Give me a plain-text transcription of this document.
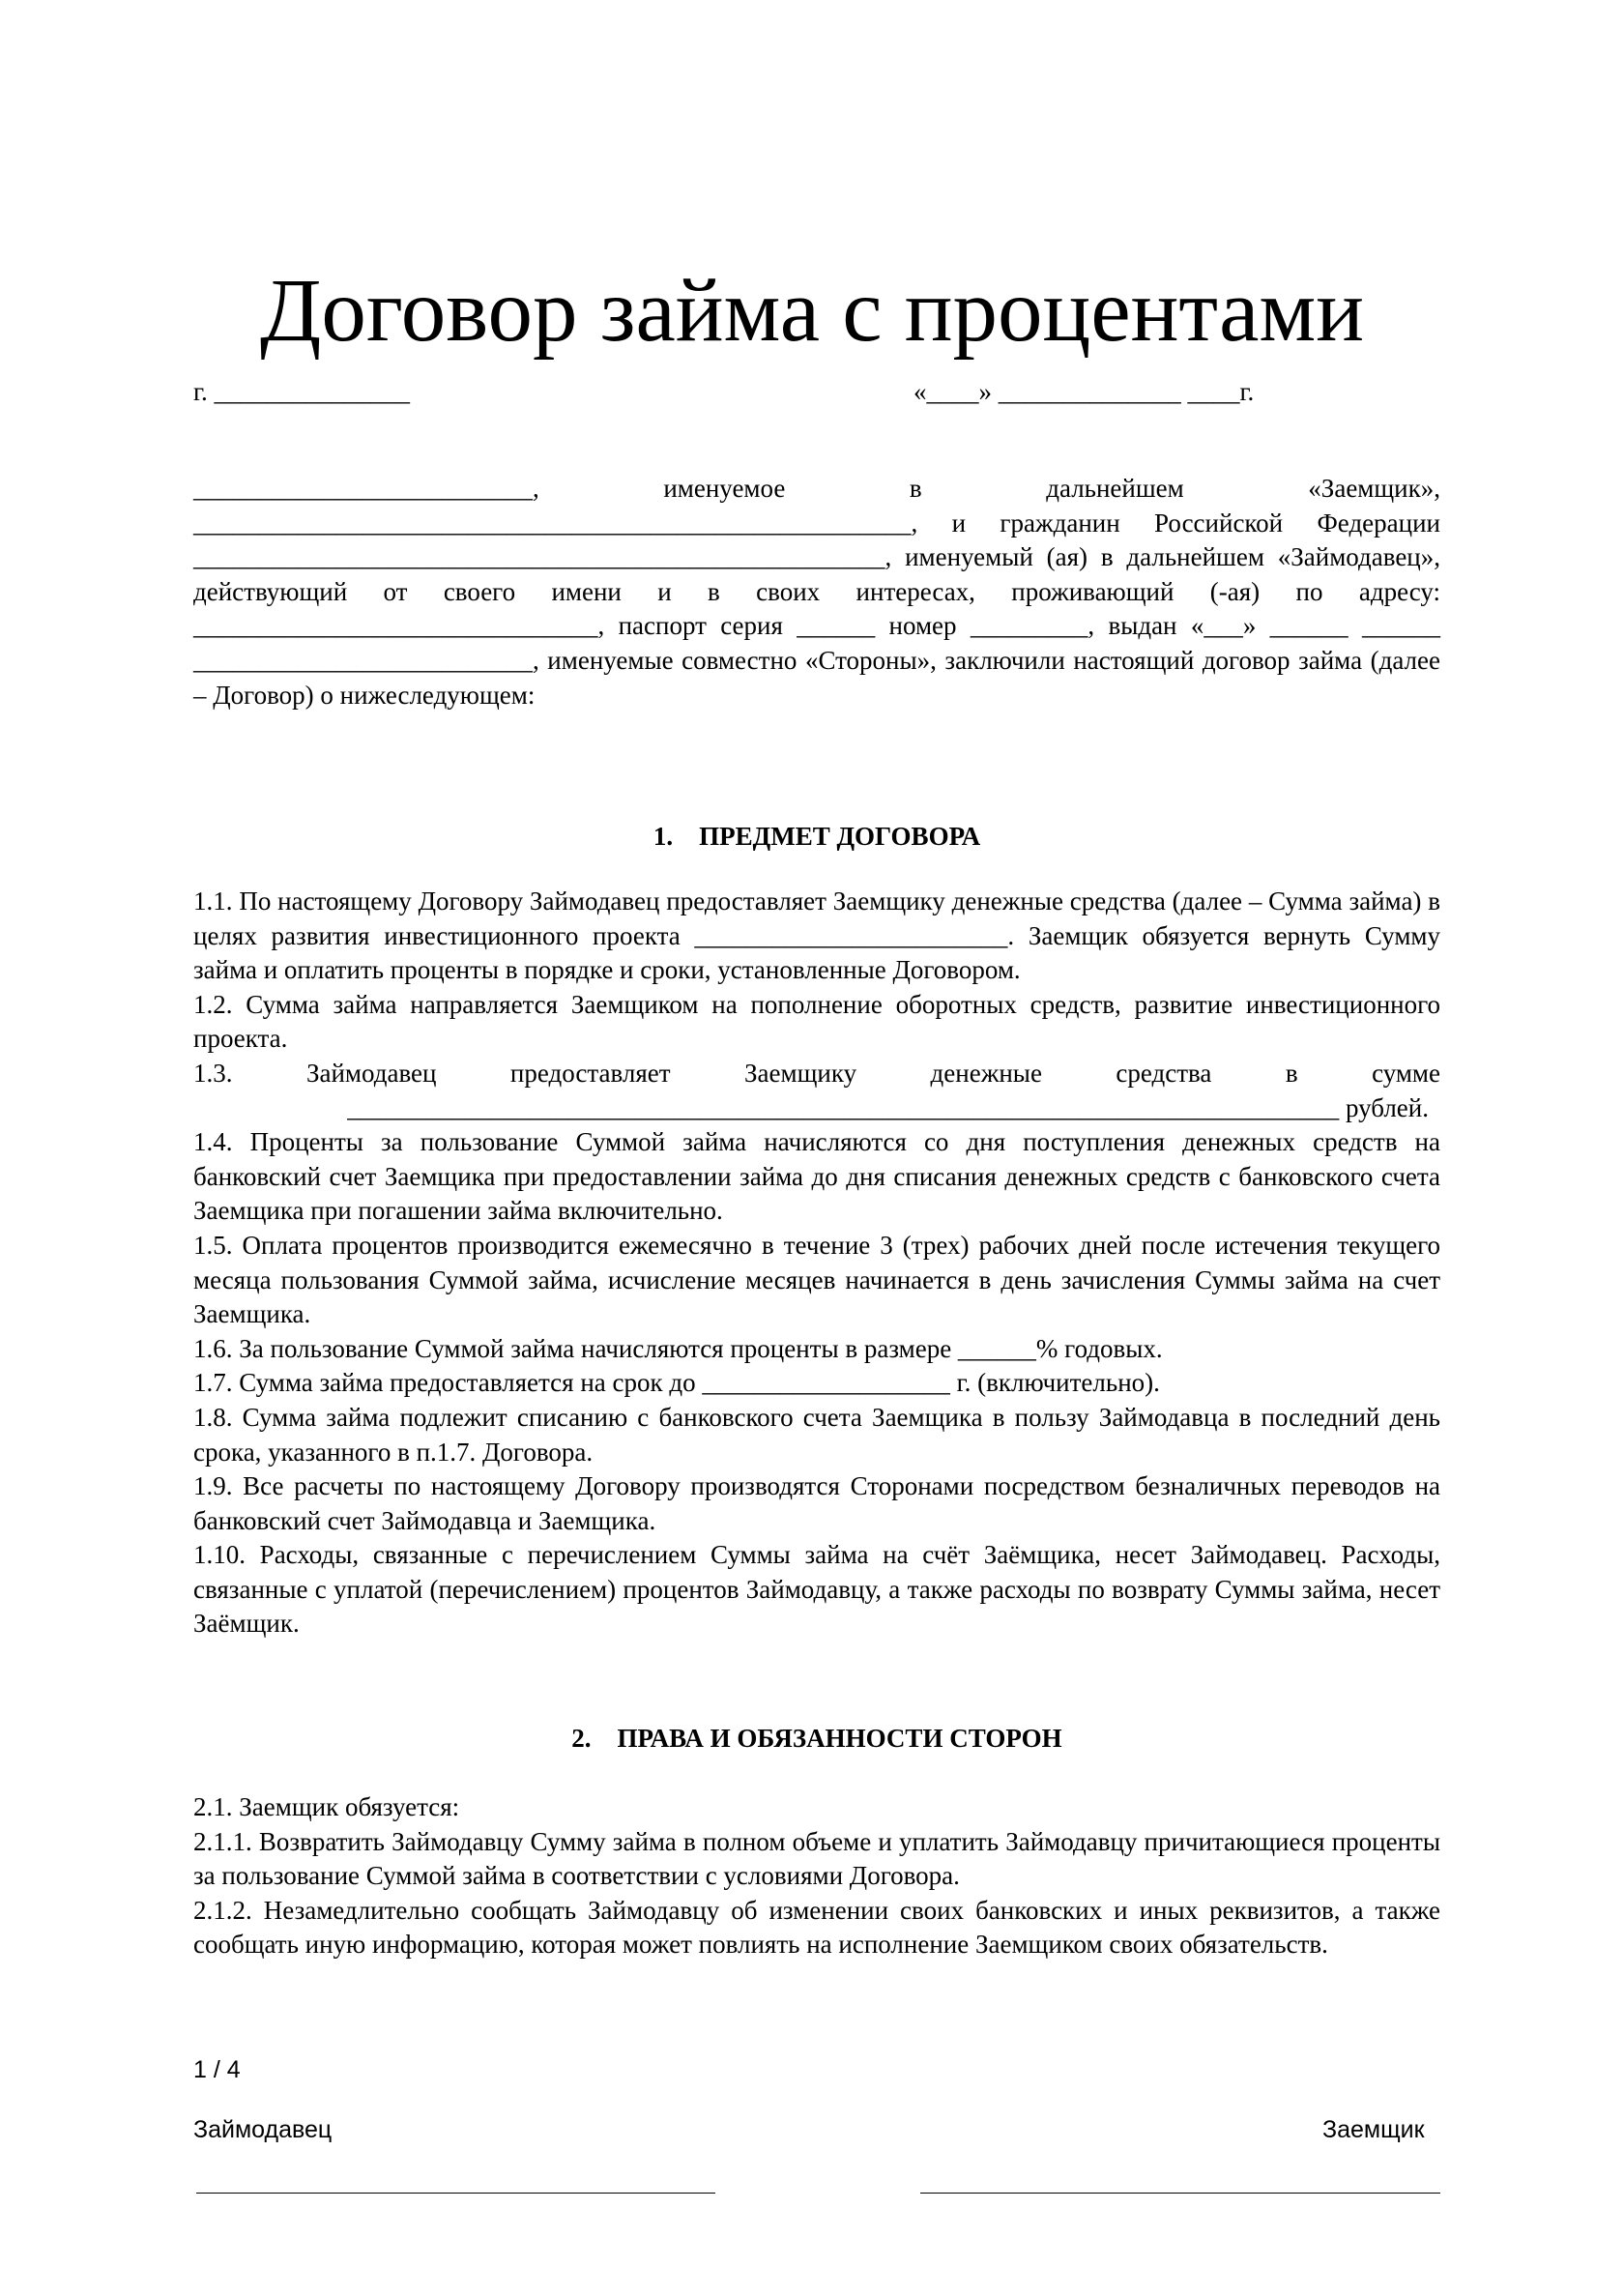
Договор займа с процентами
г. _______________	«____» ______________ ____г.

__________________________, именуемое в дальнейшем «Заемщик», _______________________________________________________, и гражданин Российской Федерации _____________________________________________________, именуемый (ая) в дальнейшем «Займодавец», действующий от своего имени и в своих интересах, проживающий (-ая) по адресу: _______________________________, паспорт серия ______ номер _________, выдан «___» ______ ______ __________________________, именуемые совместно «Стороны», заключили настоящий договор займа (далее – Договор) о нижеследующем:

1. ПРЕДМЕТ ДОГОВОРА

1.1. По настоящему Договору Займодавец предоставляет Заемщику денежные средства (далее – Сумма займа) в целях развития инвестиционного проекта ________________________. Заемщик обязуется вернуть Сумму займа и оплатить проценты в порядке и сроки, установленные Договором.

1.2. Сумма займа направляется Заемщиком на пополнение оборотных средств, развитие инвестиционного проекта.

1.3.	Займодавец	предоставляет	Заемщику	денежные	средства	в	сумме
____________________________________________________________________________ рублей.

1.4. Проценты за пользование Суммой займа начисляются со дня поступления денежных средств на банковский счет Заемщика при предоставлении займа до дня списания денежных средств с банковского счета Заемщика при погашении займа включительно.

1.5. Оплата процентов производится ежемесячно в течение 3 (трех) рабочих дней после истечения текущего месяца пользования Суммой займа, исчисление месяцев начинается в день зачисления Суммы займа на счет Заемщика.

1.6. За пользование Суммой займа начисляются проценты в размере ______% годовых.

1.7. Сумма займа предоставляется на срок до ___________________ г. (включительно).

1.8. Сумма займа подлежит списанию с банковского счета Заемщика в пользу Займодавца в последний день срока, указанного в п.1.7. Договора.

1.9. Все расчеты по настоящему Договору производятся Сторонами посредством безналичных переводов на банковский счет Займодавца и Заемщика.

1.10. Расходы, связанные с перечислением Суммы займа на счёт Заёмщика, несет Займодавец. Расходы, связанные с уплатой (перечислением) процентов Займодавцу, а также расходы по возврату Суммы займа, несет Заёмщик.

2. ПРАВА И ОБЯЗАННОСТИ СТОРОН

2.1. Заемщик обязуется:

2.1.1. Возвратить Займодавцу Сумму займа в полном объеме и уплатить Займодавцу причитающиеся проценты за пользование Суммой займа в соответствии с условиями Договора.

2.1.2. Незамедлительно сообщать Займодавцу об изменении своих банковских и иных реквизитов, а также сообщать иную информацию, которая может повлиять на исполнение Заемщиком своих обязательств.

1 / 4
Займодавец	Заемщик
